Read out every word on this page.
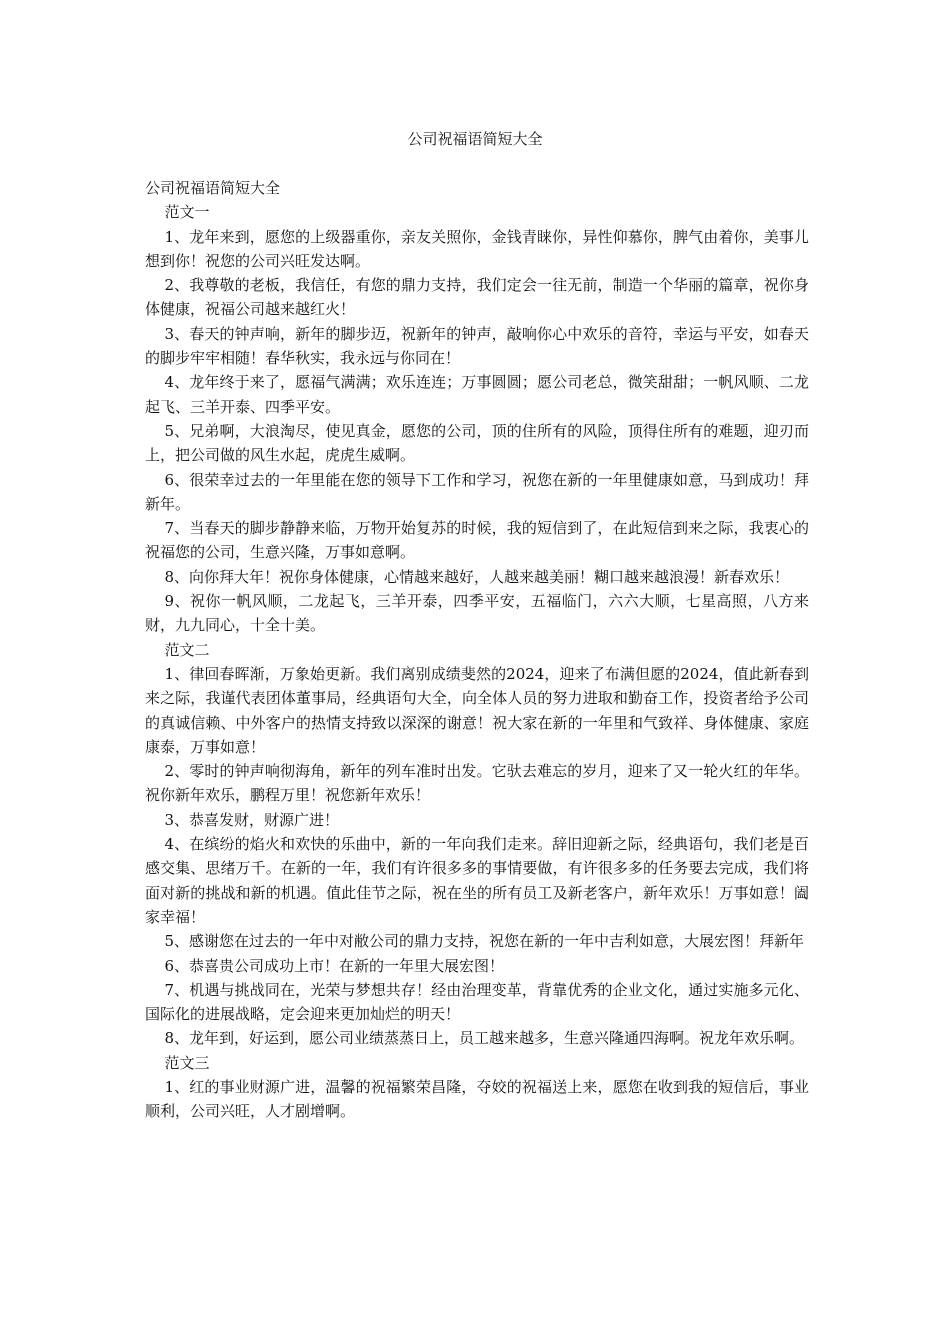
公司祝福语简短大全

公司祝福语简短大全

范文一

1、龙年来到，愿您的上级器重你，亲友关照你，金钱青睐你，异性仰慕你，脾气由着你，美事儿想到你！祝您的公司兴旺发达啊。

2、我尊敬的老板，我信任，有您的鼎力支持，我们定会一往无前，制造一个华丽的篇章，祝你身体健康，祝福公司越来越红火！

3、春天的钟声响，新年的脚步迈，祝新年的钟声，敲响你心中欢乐的音符，幸运与平安，如春天的脚步牢牢相随！春华秋实，我永远与你同在！

4、龙年终于来了，愿福气满满；欢乐连连；万事圆圆；愿公司老总，微笑甜甜；一帆风顺、二龙起飞、三羊开泰、四季平安。

5、兄弟啊，大浪淘尽，使见真金，愿您的公司，顶的住所有的风险，顶得住所有的难题，迎刃而上，把公司做的风生水起，虎虎生威啊。

6、很荣幸过去的一年里能在您的领导下工作和学习，祝您在新的一年里健康如意，马到成功！拜新年。

7、当春天的脚步静静来临，万物开始复苏的时候，我的短信到了，在此短信到来之际，我衷心的祝福您的公司，生意兴隆，万事如意啊。

8、向你拜大年！祝你身体健康，心情越来越好，人越来越美丽！糊口越来越浪漫！新春欢乐！

9、祝你一帆风顺，二龙起飞，三羊开泰，四季平安，五福临门，六六大顺，七星高照，八方来财，九九同心，十全十美。

范文二

1、律回春晖渐，万象始更新。我们离别成绩斐然的2024，迎来了布满但愿的2024，值此新春到来之际，我谨代表团体董事局，经典语句大全，向全体人员的努力进取和勤奋工作，投资者给予公司的真诚信赖、中外客户的热情支持致以深深的谢意！祝大家在新的一年里和气致祥、身体健康、家庭康泰，万事如意！

2、零时的钟声响彻海角，新年的列车准时出发。它驮去难忘的岁月，迎来了又一轮火红的年华。祝你新年欢乐，鹏程万里！祝您新年欢乐！

3、恭喜发财，财源广进！

4、在缤纷的焰火和欢快的乐曲中，新的一年向我们走来。辞旧迎新之际，经典语句，我们老是百感交集、思绪万千。在新的一年，我们有许很多多的事情要做，有许很多多的任务要去完成，我们将面对新的挑战和新的机遇。值此佳节之际，祝在坐的所有员工及新老客户，新年欢乐！万事如意！阖家幸福！

5、感谢您在过去的一年中对敝公司的鼎力支持，祝您在新的一年中吉利如意，大展宏图！拜新年

6、恭喜贵公司成功上市！在新的一年里大展宏图！

7、机遇与挑战同在，光荣与梦想共存！经由治理变革，背靠优秀的企业文化，通过实施多元化、国际化的进展战略，定会迎来更加灿烂的明天！

8、龙年到，好运到，愿公司业绩蒸蒸日上，员工越来越多，生意兴隆通四海啊。祝龙年欢乐啊。

范文三

1、红的事业财源广进，温馨的祝福繁荣昌隆，夺姣的祝福送上来，愿您在收到我的短信后，事业顺利，公司兴旺，人才剧增啊。
